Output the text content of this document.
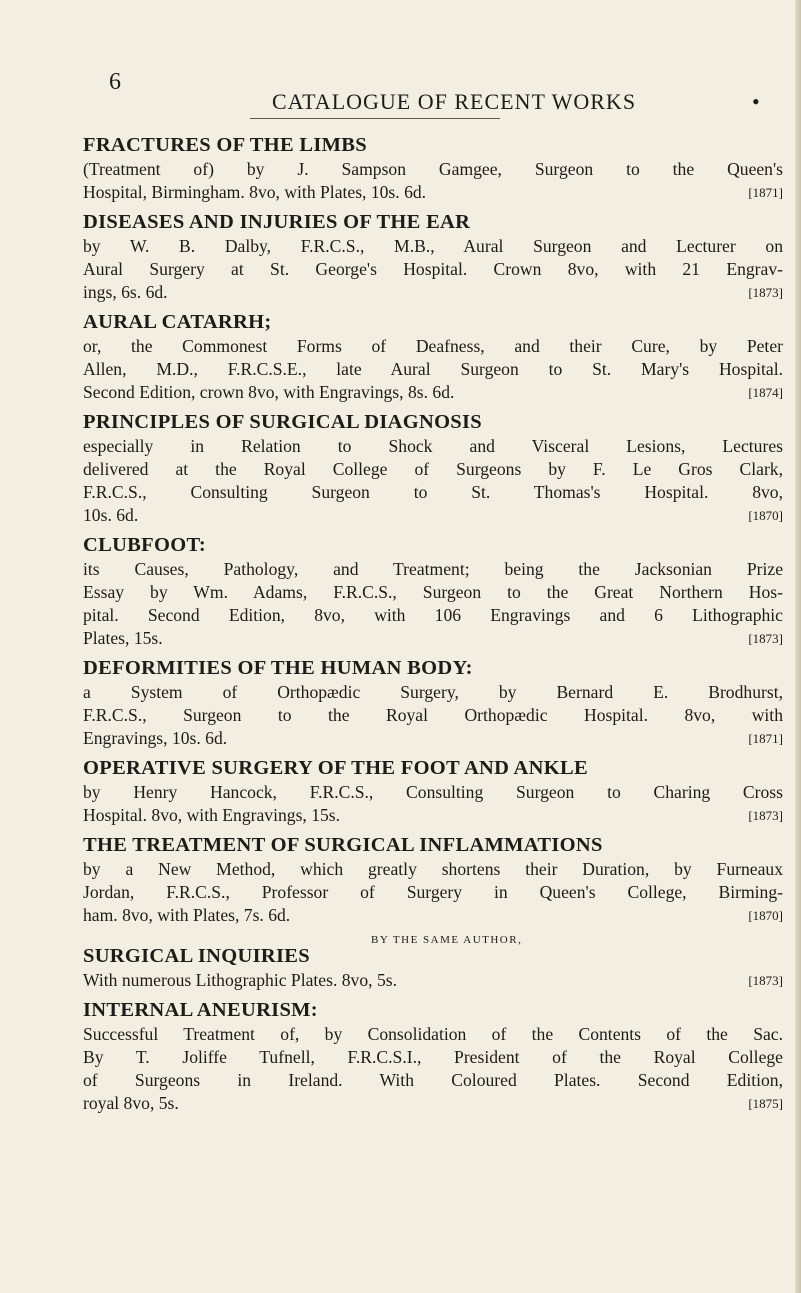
6
CATALOGUE OF RECENT WORKS	•
FRACTURES OF THE LIMBS
(Treatment of) by J. Sampson Gamgee, Surgeon to the Queen's
Hospital, Birmingham. 8vo, with Plates, 10s. 6d.	[1871]
DISEASES AND INJURIES OF THE EAR
by W. B. Dalby, F.R.C.S., M.B., Aural Surgeon and Lecturer on
Aural Surgery at St. George's Hospital. Crown 8vo, with 21 Engrav-
ings, 6s. 6d.	[1873]
AURAL CATARRH;
or, the Commonest Forms of Deafness, and their Cure, by Peter
Allen, M.D., F.R.C.S.E., late Aural Surgeon to St. Mary's Hospital.
Second Edition, crown 8vo, with Engravings, 8s. 6d.	[1874]
PRINCIPLES OF SURGICAL DIAGNOSIS
especially in Relation to Shock and Visceral Lesions, Lectures
delivered at the Royal College of Surgeons by F. Le Gros Clark,
F.R.C.S., Consulting Surgeon to St. Thomas's Hospital. 8vo,
10s. 6d.	[1870]
CLUBFOOT:
its Causes, Pathology, and Treatment; being the Jacksonian Prize
Essay by Wm. Adams, F.R.C.S., Surgeon to the Great Northern Hos-
pital. Second Edition, 8vo, with 106 Engravings and 6 Lithographic
Plates, 15s.	[1873]
DEFORMITIES OF THE HUMAN BODY:
a System of Orthopædic Surgery, by Bernard E. Brodhurst,
F.R.C.S., Surgeon to the Royal Orthopædic Hospital. 8vo, with
Engravings, 10s. 6d.	[1871]
OPERATIVE SURGERY OF THE FOOT AND ANKLE
by Henry Hancock, F.R.C.S., Consulting Surgeon to Charing Cross
Hospital. 8vo, with Engravings, 15s.	[1873]
THE TREATMENT OF SURGICAL INFLAMMATIONS
by a New Method, which greatly shortens their Duration, by Furneaux
Jordan, F.R.C.S., Professor of Surgery in Queen's College, Birming-
ham. 8vo, with Plates, 7s. 6d.	[1870]
BY THE SAME AUTHOR,
SURGICAL INQUIRIES
With numerous Lithographic Plates. 8vo, 5s.	[1873]
INTERNAL ANEURISM:
Successful Treatment of, by Consolidation of the Contents of the Sac.
By T. Joliffe Tufnell, F.R.C.S.I., President of the Royal College
of Surgeons in Ireland. With Coloured Plates. Second Edition,
royal 8vo, 5s.	[1875]
